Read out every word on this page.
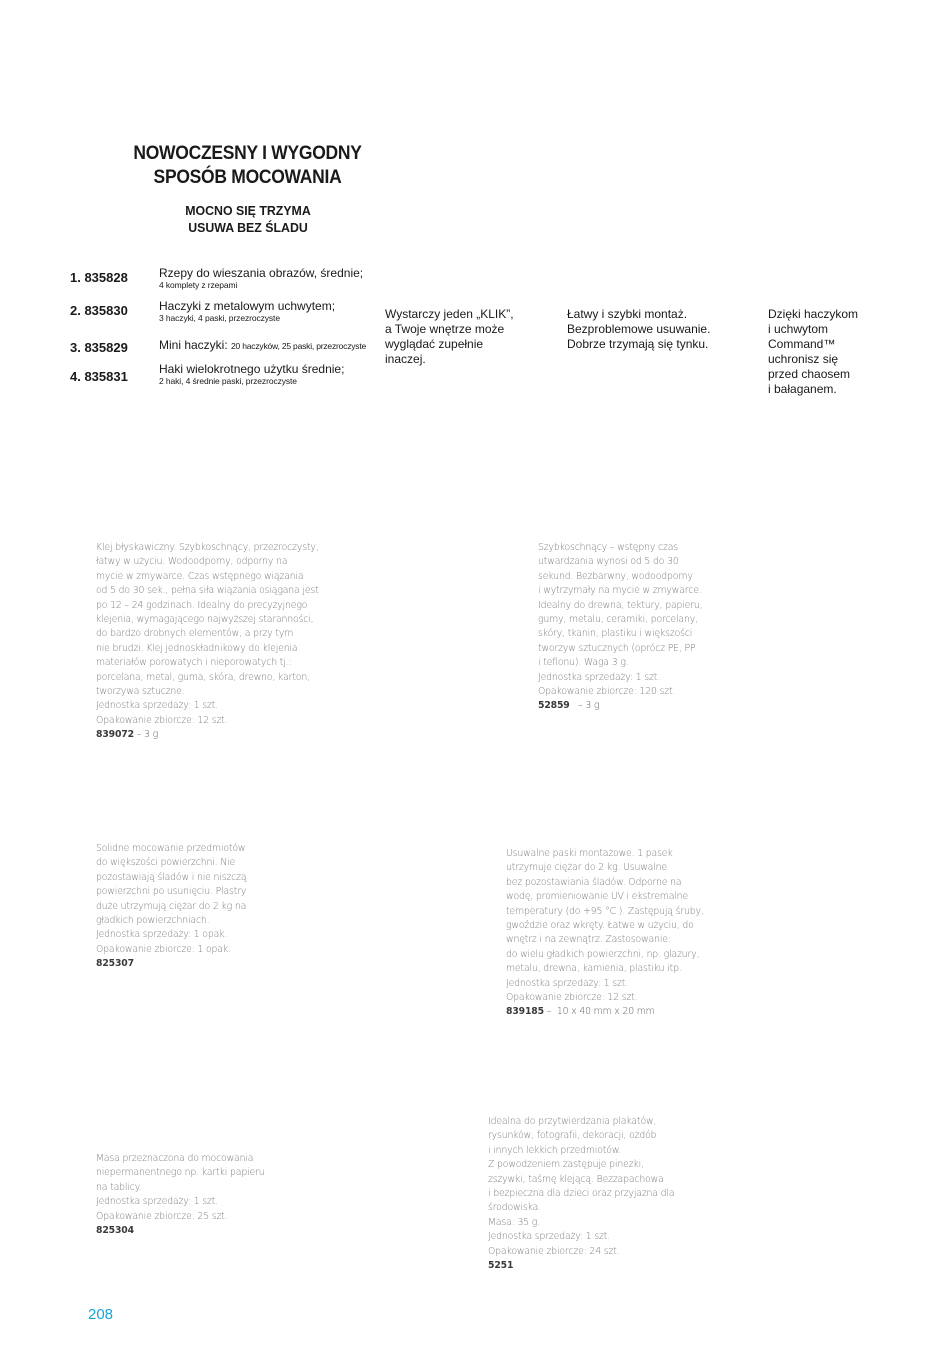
NOWOCZESNY I WYGODNY
SPOSÓB MOCOWANIA
MOCNO SIĘ TRZYMA
USUWA BEZ ŚLADU
1. 835828	Rzepy do wieszania obrazów, średnie;
4 komplety z rzepami
2. 835830	Haczyki z metalowym uchwytem;
3 haczyki, 4 paski, przezroczyste
3. 835829	Mini haczyki: 20 haczyków, 25 paski, przezroczyste
4. 835831	Haki wielokrotnego użytku średnie;
2 haki, 4 średnie paski, przezroczyste
Wystarczy jeden „KLIK”,
a Twoje wnętrze może
wyglądać zupełnie
inaczej.
Łatwy i szybki montaż.
Bezproblemowe usuwanie.
Dobrze trzymają się tynku.
Dzięki haczykom
i uchwytom
Command™
uchronisz się
przed chaosem
i bałaganem.
Klej błyskawiczny. Szybkoschnący, przezroczysty,
łatwy w użyciu. Wodoodporny, odporny na
mycie w zmywarce. Czas wstępnego wiązania
od 5 do 30 sek., pełna siła wiązania osiągana jest
po 12 – 24 godzinach. Idealny do precyzyjnego
klejenia, wymagającego najwyższej staranności,
do bardzo drobnych elementów, a przy tym
nie brudzi. Klej jednoskładnikowy do klejenia
materiałów porowatych i nieporowatych tj.:
porcelana, metal, guma, skóra, drewno, karton,
tworzywa sztuczne.
Jednostka sprzedaży: 1 szt.
Opakowanie zbiorcze: 12 szt.
839072 – 3 g
Szybkoschnący – wstępny czas
utwardzania wynosi od 5 do 30
sekund. Bezbarwny, wodoodporny
i wytrzymały na mycie w zmywarce.
Idealny do drewna, tektury, papieru,
gumy, metalu, ceramiki, porcelany,
skóry, tkanin, plastiku i większości
tworzyw sztucznych (oprócz PE, PP
i teflonu). Waga 3 g.
Jednostka sprzedaży: 1 szt.
Opakowanie zbiorcze: 120 szt.
52859   – 3 g
Solidne mocowanie przedmiotów
do większości powierzchni. Nie
pozostawiają śladów i nie niszczą
powierzchni po usunięciu. Plastry
duże utrzymują ciężar do 2 kg na
gładkich powierzchniach.
Jednostka sprzedaży: 1 opak.
Opakowanie zbiorcze: 1 opak.
825307
Usuwalne paski montażowe. 1 pasek
utrzymuje ciężar do 2 kg. Usuwalne
bez pozostawiania śladów. Odporne na
wodę, promieniowanie UV i ekstremalne
temperatury (do +95 °C ). Zastępują śruby,
gwoździe oraz wkręty. Łatwe w użyciu, do
wnętrz i na zewnątrz. Zastosowanie:
do wielu gładkich powierzchni, np. glazury,
metalu, drewna, kamienia, plastiku itp.
Jednostka sprzedaży: 1 szt.
Opakowanie zbiorcze: 12 szt.
839185 –  10 x 40 mm x 20 mm
Masa przeznaczona do mocowania
niepermanentnego np. kartki papieru
na tablicy.
Jednostka sprzedaży: 1 szt.
Opakowanie zbiorcze: 25 szt.
825304
Idealna do przytwierdzania plakatów,
rysunków, fotografii, dekoracji, ozdób
i innych lekkich przedmiotów.
Z powodzeniem zastępuje pinezki,
zszywki, taśmę klejącą. Bezzapachowa
i bezpieczna dla dzieci oraz przyjazna dla
środowiska.
Masa: 35 g.
Jednostka sprzedaży: 1 szt.
Opakowanie zbiorcze: 24 szt.
5251
208
